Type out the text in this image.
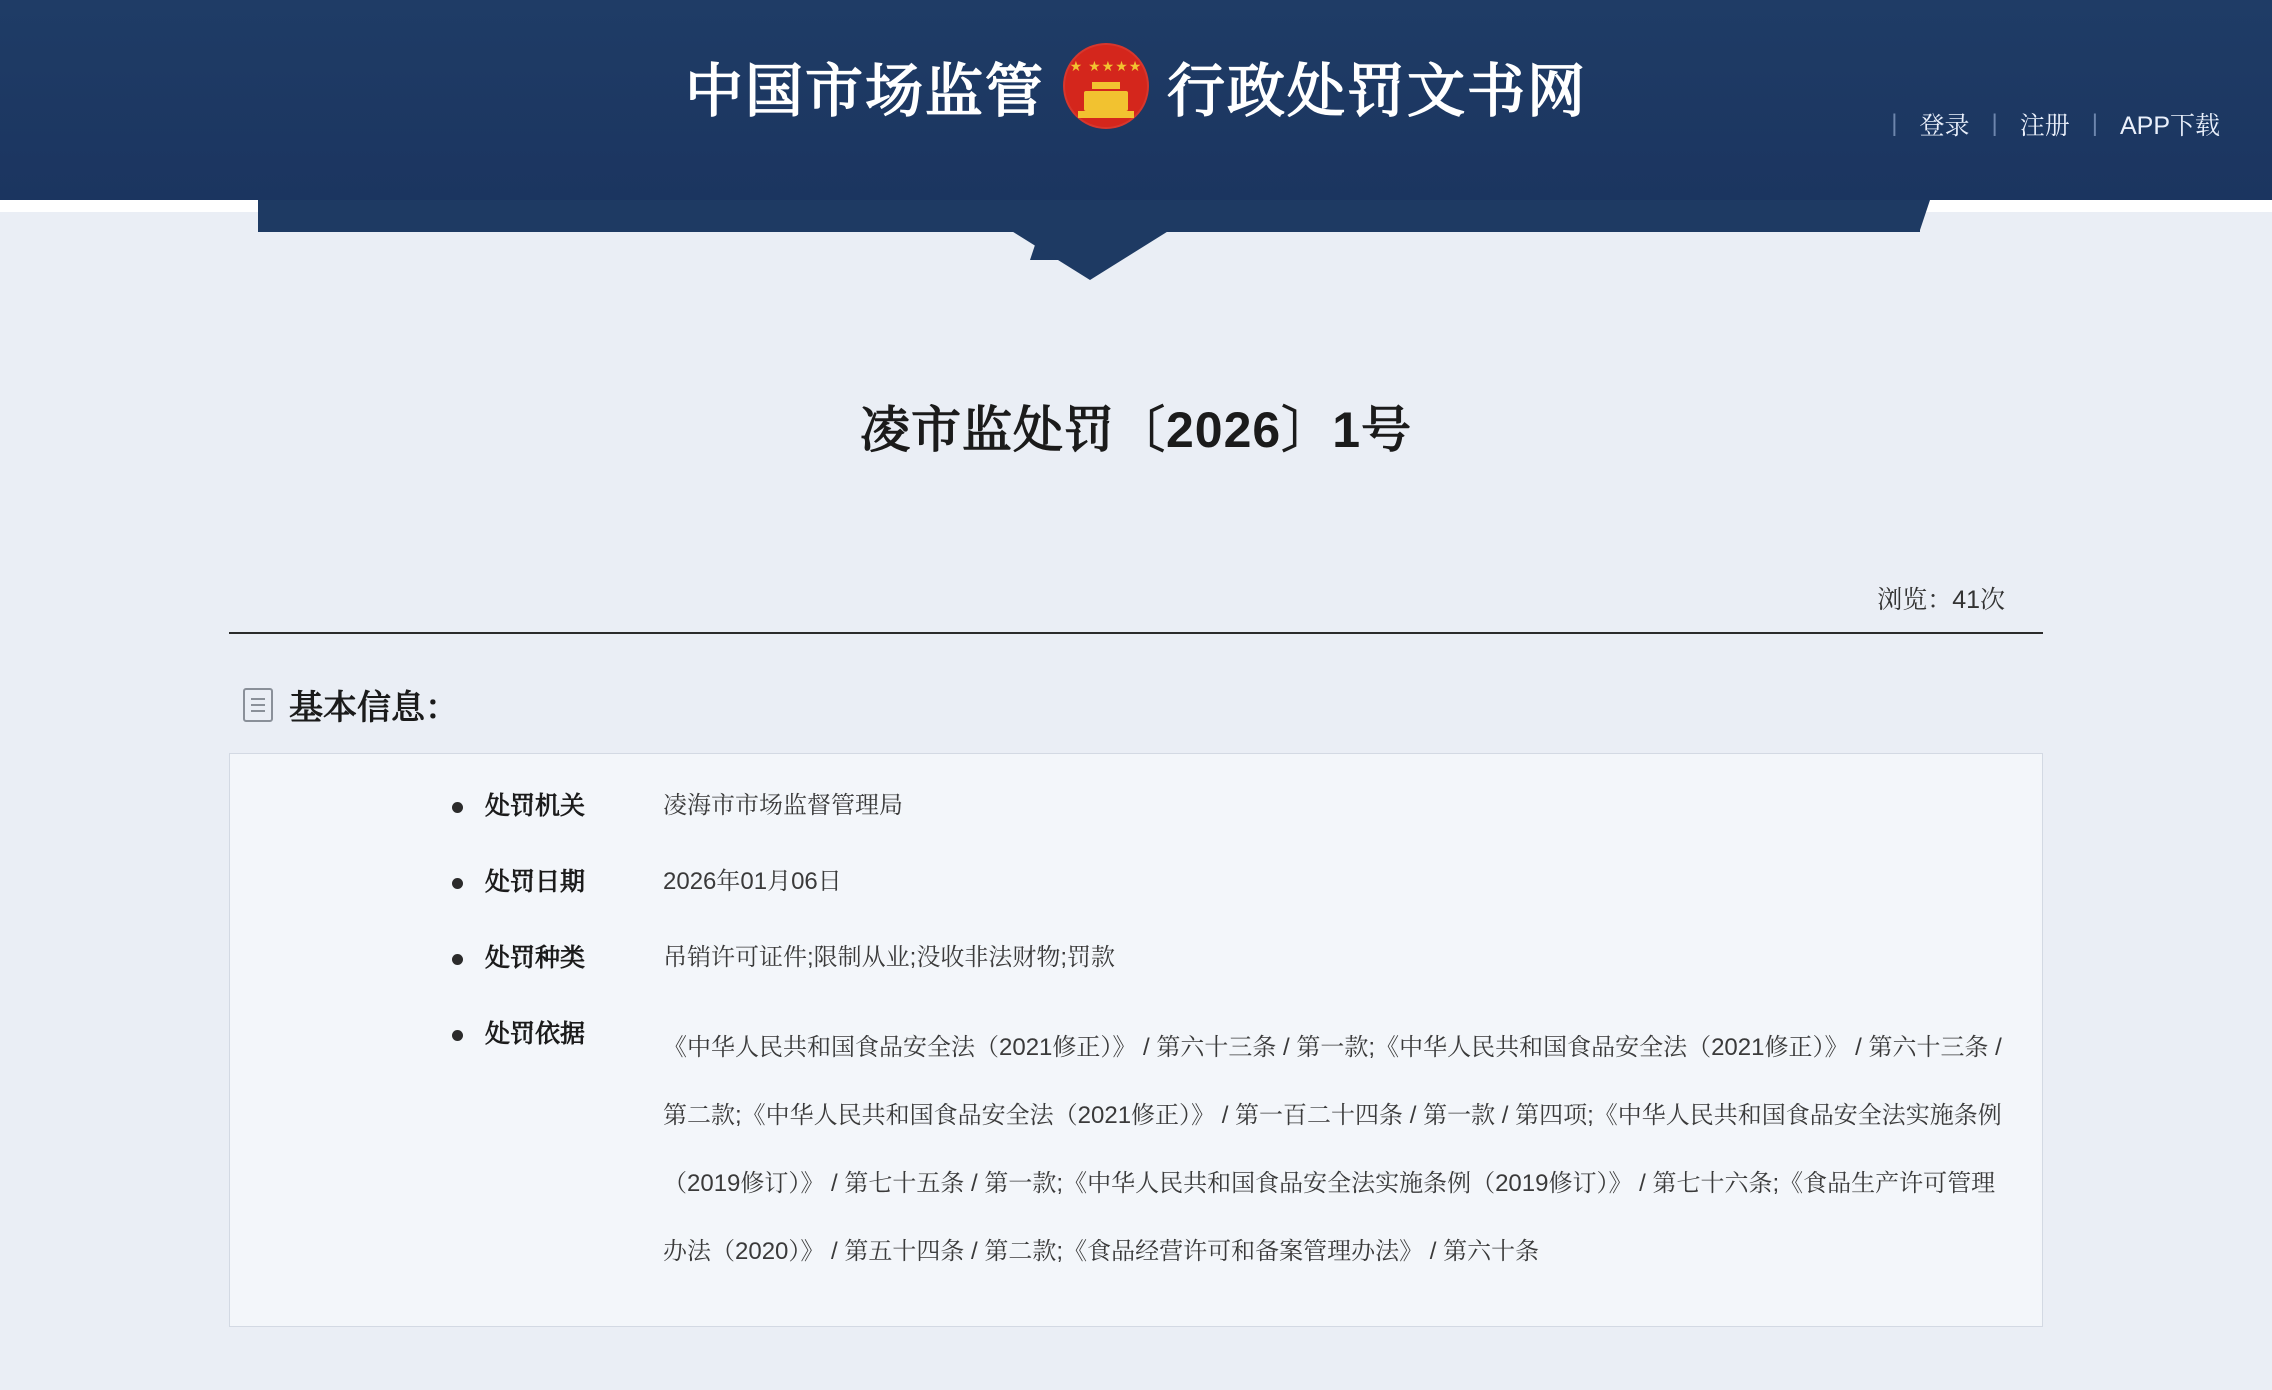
中国市场监管	★ ★★★★ 行政处罚文书网	| 登录 | 注册 | APP下载
凌市监处罚〔2026〕1号
浏览：41次
基本信息：
处罚机关	凌海市市场监督管理局
处罚日期	2026年01月06日
处罚种类	吊销许可证件;限制从业;没收非法财物;罚款
处罚依据	《中华人民共和国食品安全法（2021修正）》 / 第六十三条 / 第一款;《中华人民共和国食品安全法（2021修正）》 / 第六十三条 / 第二款;《中华人民共和国食品安全法（2021修正）》 / 第一百二十四条 / 第一款 / 第四项;《中华人民共和国食品安全法实施条例（2019修订）》 / 第七十五条 / 第一款;《中华人民共和国食品安全法实施条例（2019修订）》 / 第七十六条;《食品生产许可管理办法（2020）》 / 第五十四条 / 第二款;《食品经营许可和备案管理办法》 / 第六十条
